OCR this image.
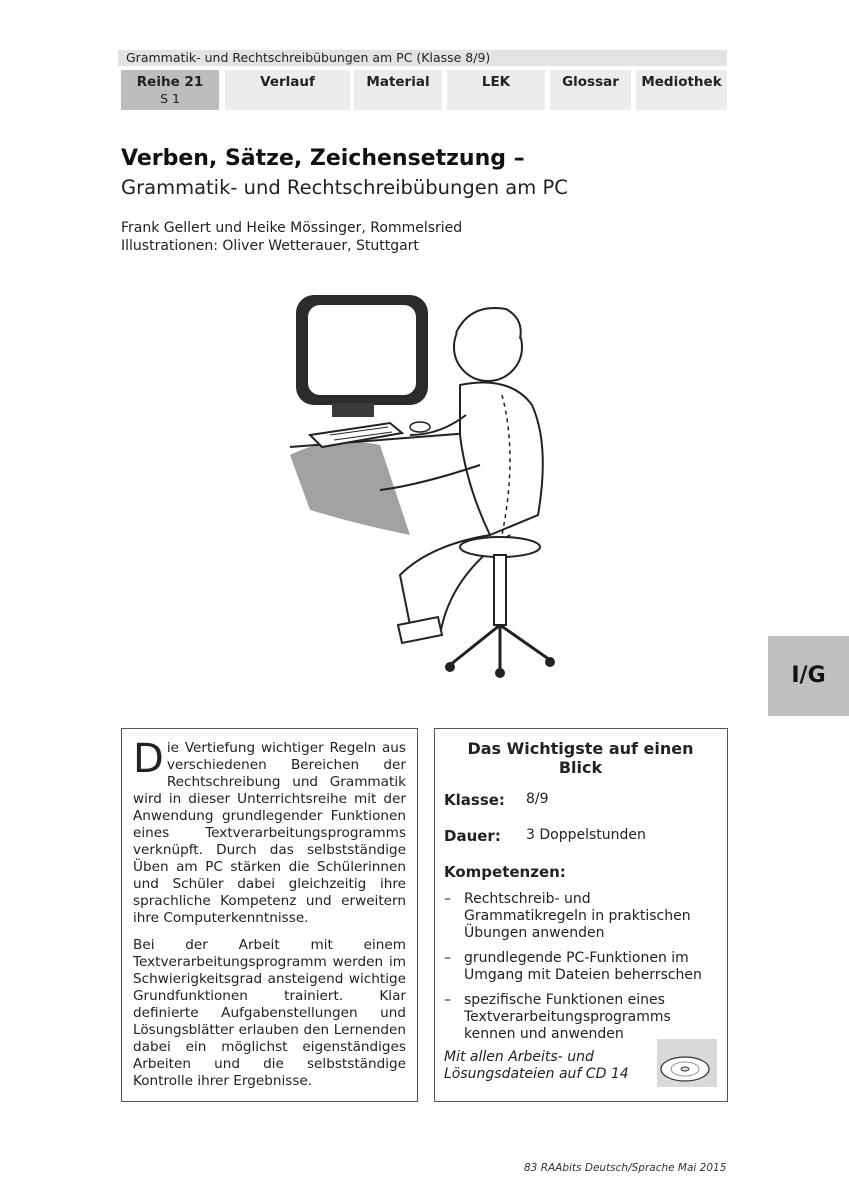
Grammatik- und Rechtschreibübungen am PC (Klasse 8/9)
Reihe 21
S 1
Verlauf	Material	LEK	Glossar	Mediothek
Verben, Sätze, Zeichensetzung –
Grammatik- und Rechtschreibübungen am PC
Frank Gellert und Heike Mössinger, Rommelsried
Illustrationen: Oliver Wetterauer, Stuttgart
I/G

D ie Vertiefung wichtiger Regeln aus verschiedenen Bereichen der Rechtschreibung und Grammatik wird in dieser Unterrichtsreihe mit der Anwendung grundlegender Funktionen eines Textverarbeitungsprogramms verknüpft. Durch das selbstständige Üben am PC stärken die Schülerinnen und Schüler dabei gleichzeitig ihre sprachliche Kompetenz und erweitern ihre Computerkenntnisse.

Bei der Arbeit mit einem Textverarbeitungsprogramm werden im Schwierigkeitsgrad ansteigend wichtige Grundfunktionen trainiert. Klar definierte Aufgabenstellungen und Lösungsblätter erlauben den Lernenden dabei ein möglichst eigenständiges Arbeiten und die selbstständige Kontrolle ihrer Ergebnisse.

Das Wichtigste auf einen Blick
Klasse:	8/9
Dauer:	3 Doppelstunden
Kompetenzen:
– Rechtschreib- und Grammatikregeln in praktischen Übungen anwenden
– grundlegende PC-Funktionen im Umgang mit Dateien beherrschen
– spezifische Funktionen eines Textverarbeitungsprogramms kennen und anwenden
Mit allen Arbeits- und Lösungsdateien auf CD 14
83 RAAbits Deutsch/Sprache Mai 2015
